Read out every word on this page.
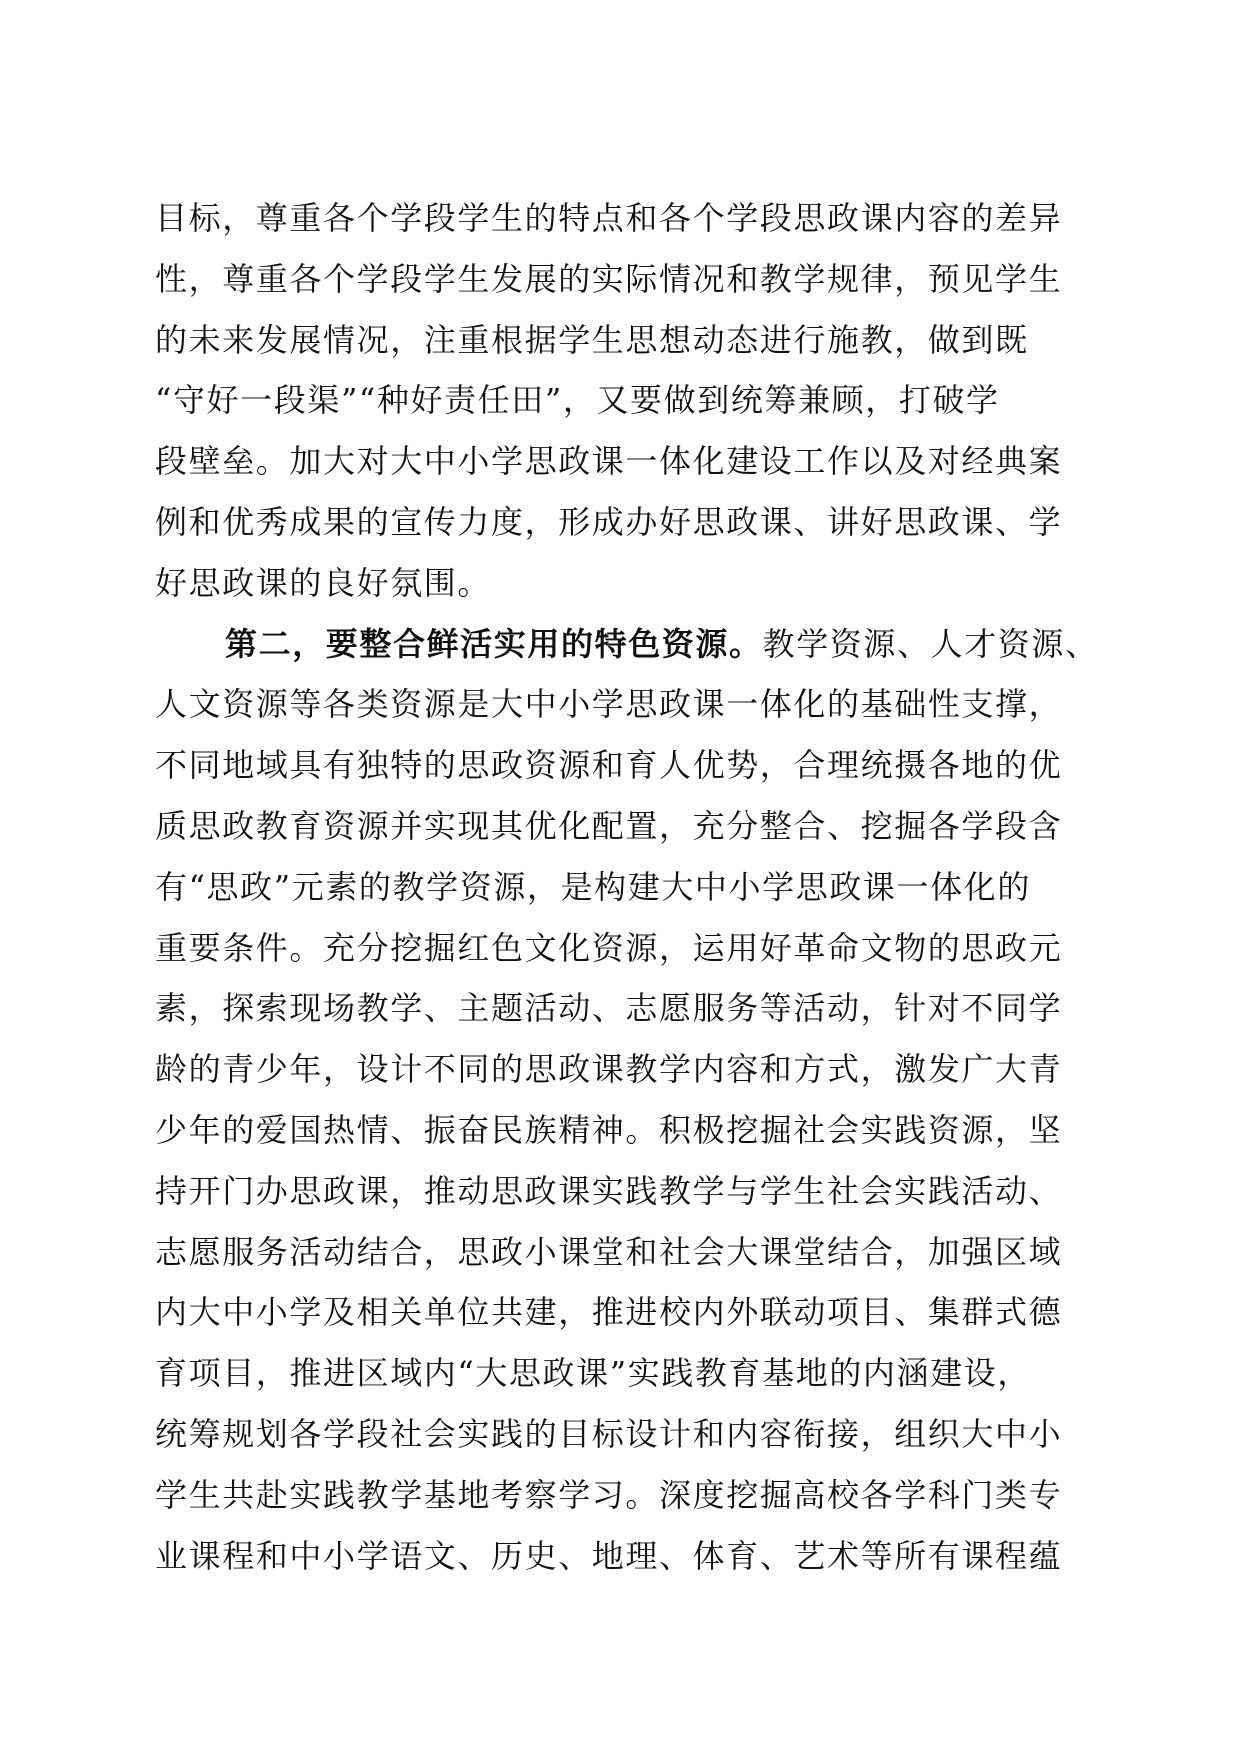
目标，尊重各个学段学生的特点和各个学段思政课内容的差异
性，尊重各个学段学生发展的实际情况和教学规律，预见学生
的未来发展情况，注重根据学生思想动态进行施教，做到既
“守好一段渠”“种好责任田”，又要做到统筹兼顾，打破学
段壁垒。加大对大中小学思政课一体化建设工作以及对经典案
例和优秀成果的宣传力度，形成办好思政课、讲好思政课、学
好思政课的良好氛围。
第二，要整合鲜活实用的特色资源。教学资源、人才资源、
人文资源等各类资源是大中小学思政课一体化的基础性支撑，
不同地域具有独特的思政资源和育人优势，合理统摄各地的优
质思政教育资源并实现其优化配置，充分整合、挖掘各学段含
有“思政”元素的教学资源，是构建大中小学思政课一体化的
重要条件。充分挖掘红色文化资源，运用好革命文物的思政元
素，探索现场教学、主题活动、志愿服务等活动，针对不同学
龄的青少年，设计不同的思政课教学内容和方式，激发广大青
少年的爱国热情、振奋民族精神。积极挖掘社会实践资源，坚
持开门办思政课，推动思政课实践教学与学生社会实践活动、
志愿服务活动结合，思政小课堂和社会大课堂结合，加强区域
内大中小学及相关单位共建，推进校内外联动项目、集群式德
育项目，推进区域内“大思政课”实践教育基地的内涵建设，
统筹规划各学段社会实践的目标设计和内容衔接，组织大中小
学生共赴实践教学基地考察学习。深度挖掘高校各学科门类专
业课程和中小学语文、历史、地理、体育、艺术等所有课程蕴
